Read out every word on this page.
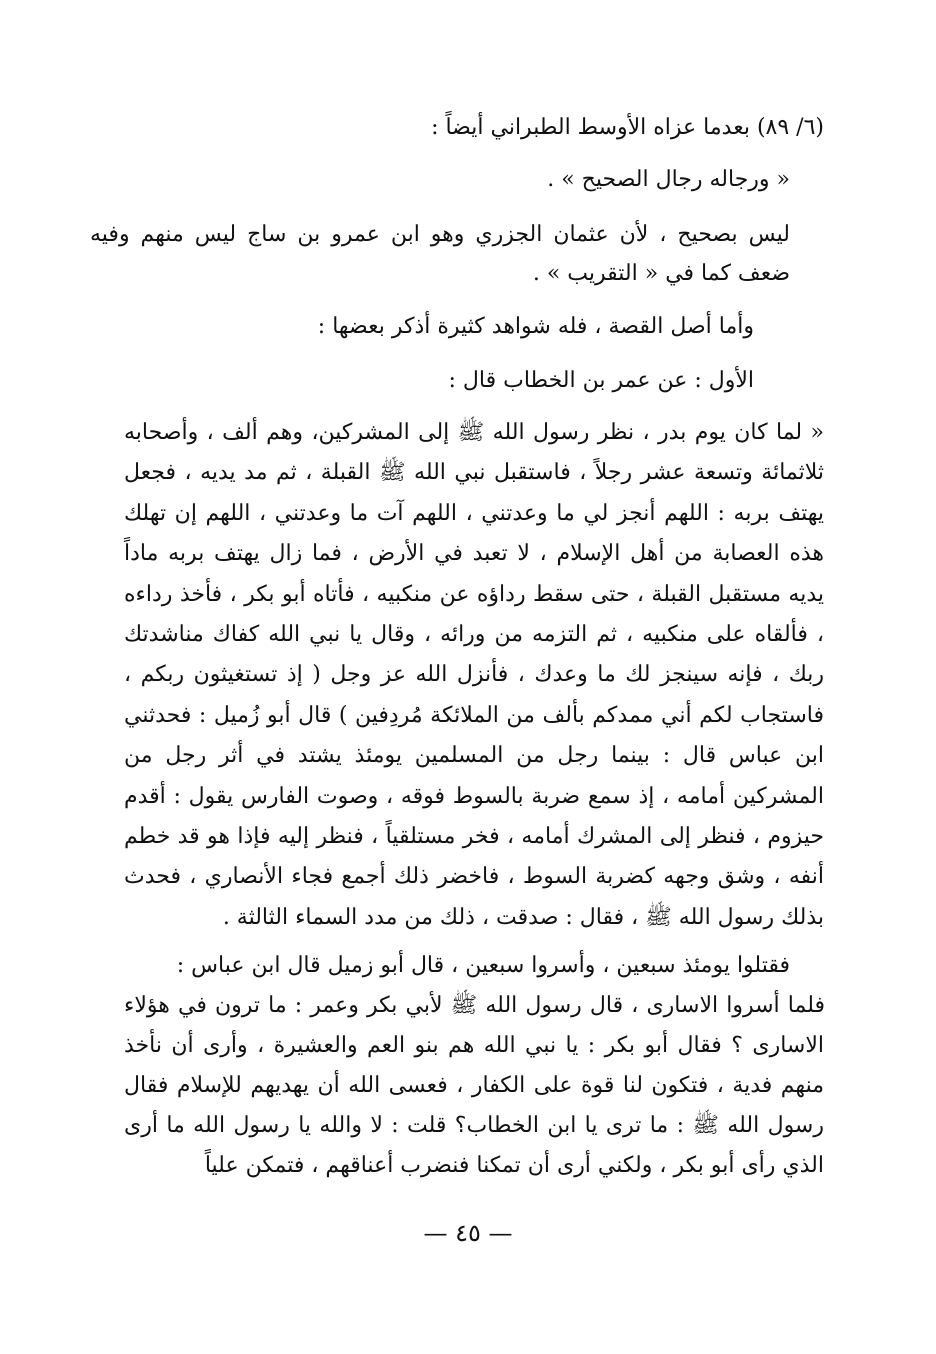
(٦/ ٨٩) بعدما عزاه الأوسط الطبراني أيضاً :

« ورجاله رجال الصحيح » .

ليس بصحيح ، لأن عثمان الجزري وهو ابن عمرو بن ساج ليس منهم وفيه ضعف كما في « التقريب » .

وأما أصل القصة ، فله شواهد كثيرة أذكر بعضها :

الأول : عن عمر بن الخطاب قال :

« لما كان يوم بدر ، نظر رسول الله ﷺ إلى المشركين، وهم ألف ، وأصحابه ثلاثمائة وتسعة عشر رجلاً ، فاستقبل نبي الله ﷺ القبلة ، ثم مد يديه ، فجعل يهتف بربه : اللهم أنجز لي ما وعدتني ، اللهم آت ما وعدتني ، اللهم إن تهلك هذه العصابة من أهل الإسلام ، لا تعبد في الأرض ، فما زال يهتف بربه ماداً يديه مستقبل القبلة ، حتى سقط رداؤه عن منكبيه ، فأتاه أبو بكر ، فأخذ رداءه ، فألقاه على منكبيه ، ثم التزمه من ورائه ، وقال يا نبي الله كفاك مناشدتك ربك ، فإنه سينجز لك ما وعدك ، فأنزل الله عز وجل ( إذ تستغيثون ربكم ، فاستجاب لكم أني ممدكم بألف من الملائكة مُردِفين ) قال أبو زُميل : فحدثني ابن عباس قال : بينما رجل من المسلمين يومئذ يشتد في أثر رجل من المشركين أمامه ، إذ سمع ضربة بالسوط فوقه ، وصوت الفارس يقول : أقدم حيزوم ، فنظر إلى المشرك أمامه ، فخر مستلقياً ، فنظر إليه فإذا هو قد خطم أنفه ، وشق وجهه كضربة السوط ، فاخضر ذلك أجمع فجاء الأنصاري ، فحدث بذلك رسول الله ﷺ ، فقال : صدقت ، ذلك من مدد السماء الثالثة .

فقتلوا يومئذ سبعين ، وأسروا سبعين ، قال أبو زميل قال ابن عباس :

فلما أسروا الاسارى ، قال رسول الله ﷺ لأبي بكر وعمر : ما ترون في هؤلاء الاسارى ؟ فقال أبو بكر : يا نبي الله هم بنو العم والعشيرة ، وأرى أن نأخذ منهم فدية ، فتكون لنا قوة على الكفار ، فعسى الله أن يهديهم للإسلام فقال رسول الله ﷺ : ما ترى يا ابن الخطاب؟ قلت : لا والله يا رسول الله ما أرى الذي رأى أبو بكر ، ولكني أرى أن تمكنا فنضرب أعناقهم ، فتمكن علياً

— ٤٥ —
